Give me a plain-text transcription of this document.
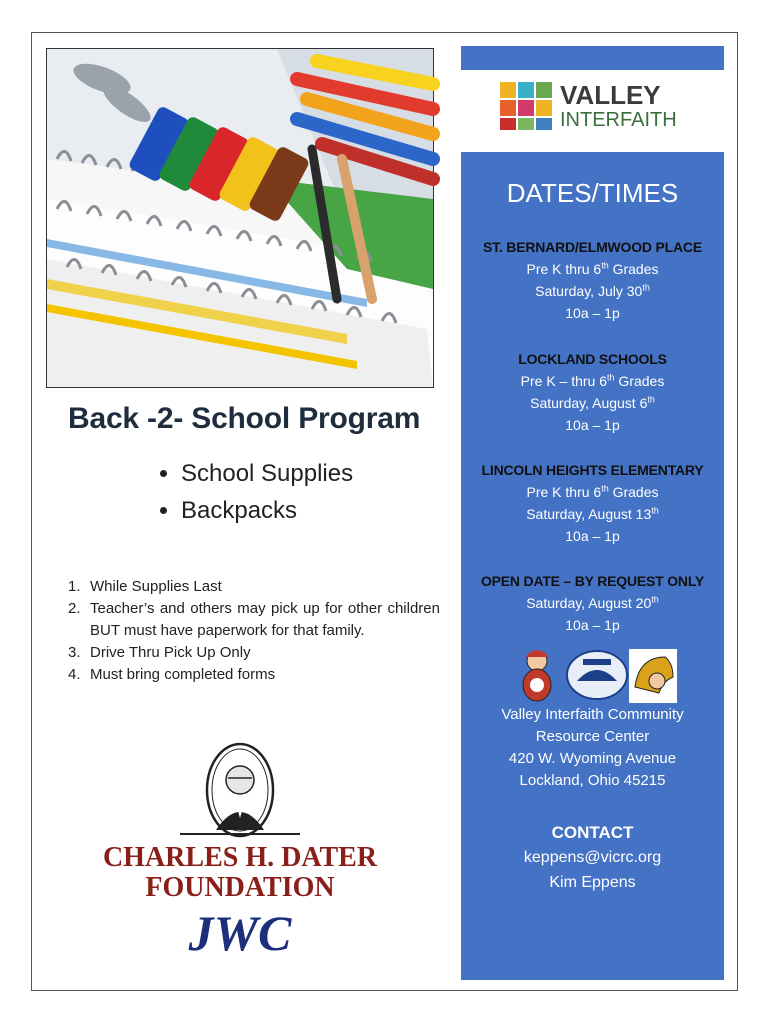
Back -2- School Program
School Supplies
Backpacks
1. While Supplies Last
2. Teacher’s and others may pick up for other children BUT must have paperwork for that family.
3. Drive Thru Pick Up Only
4. Must bring completed forms
CHARLES H. DATER
FOUNDATION
JWC
VALLEY
INTERFAITH
DATES/TIMES
ST. BERNARD/ELMWOOD PLACE
Pre K thru 6th Grades
Saturday, July 30th
10a – 1p
LOCKLAND SCHOOLS
Pre K – thru 6th Grades
Saturday, August 6th
10a – 1p
LINCOLN HEIGHTS ELEMENTARY
Pre K thru 6th Grades
Saturday, August 13th
10a – 1p
OPEN DATE – BY REQUEST ONLY
Saturday, August 20th
10a – 1p
Valley Interfaith Community
Resource Center
420 W. Wyoming Avenue
Lockland, Ohio 45215
CONTACT
keppens@vicrc.org
Kim Eppens
